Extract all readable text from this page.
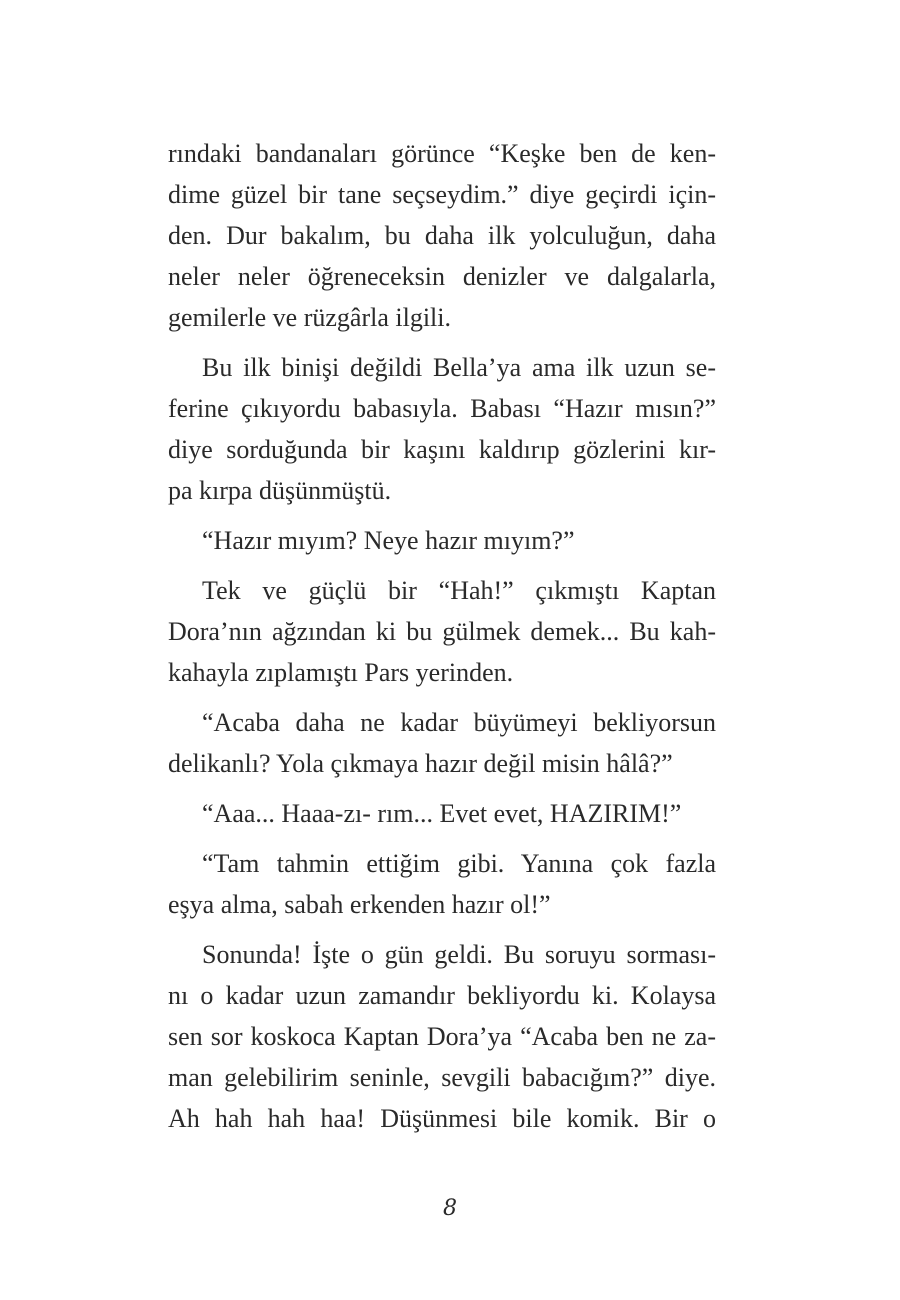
rındaki bandanaları görünce “Keşke ben de ken-
dime güzel bir tane seçseydim.” diye geçirdi için-
den. Dur bakalım, bu daha ilk yolculuğun, daha
neler neler öğreneceksin denizler ve dalgalarla,
gemilerle ve rüzgârla ilgili.
Bu ilk binişi değildi Bella’ya ama ilk uzun se-
ferine çıkıyordu babasıyla. Babası “Hazır mısın?”
diye sorduğunda bir kaşını kaldırıp gözlerini kır-
pa kırpa düşünmüştü.
“Hazır mıyım? Neye hazır mıyım?”
Tek ve güçlü bir “Hah!” çıkmıştı Kaptan
Dora’nın ağzından ki bu gülmek demek... Bu kah-
kahayla zıplamıştı Pars yerinden.
“Acaba daha ne kadar büyümeyi bekliyorsun
delikanlı? Yola çıkmaya hazır değil misin hâlâ?”
“Aaa... Haaa-zı- rım... Evet evet, HAZIRIM!”
“Tam tahmin ettiğim gibi. Yanına çok fazla
eşya alma, sabah erkenden hazır ol!”
Sonunda! İşte o gün geldi. Bu soruyu sorması-
nı o kadar uzun zamandır bekliyordu ki. Kolaysa
sen sor koskoca Kaptan Dora’ya “Acaba ben ne za-
man gelebilirim seninle, sevgili babacığım?” diye.
Ah hah hah haa! Düşünmesi bile komik. Bir o
8
